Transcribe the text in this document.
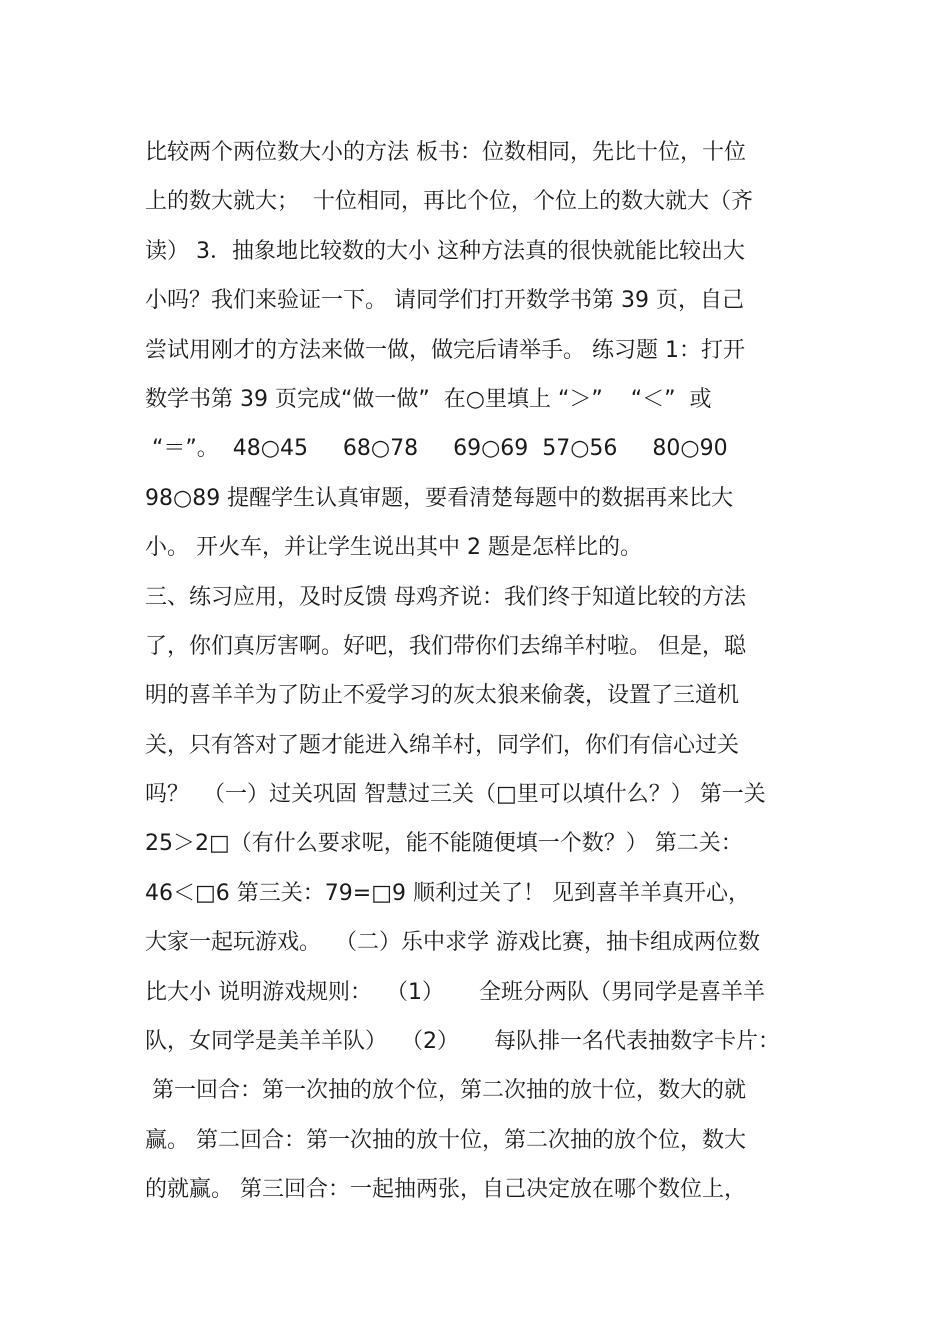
比较两个两位数大小的方法 板书：位数相同，先比十位，十位
上的数大就大；  十位相同，再比个位，个位上的数大就大（齐
读） 3．抽象地比较数的大小 这种方法真的很快就能比较出大
小吗？我们来验证一下。 请同学们打开数学书第 39 页，自己
尝试用刚才的方法来做一做，做完后请举手。 练习题 1：打开
数学书第 39 页完成“做一做”  在○里填上 “＞”    “＜”  或
“＝”。  48○45     68○78     69○69  57○56     80○90
98○89 提醒学生认真审题，要看清楚每题中的数据再来比大
小。 开火车，并让学生说出其中 2 题是怎样比的。
三、练习应用，及时反馈 母鸡齐说：我们终于知道比较的方法
了，你们真厉害啊。好吧，我们带你们去绵羊村啦。 但是，聪
明的喜羊羊为了防止不爱学习的灰太狼来偷袭，设置了三道机
关，只有答对了题才能进入绵羊村，同学们，你们有信心过关
吗？  （一）过关巩固 智慧过三关（□里可以填什么？） 第一关
25＞2□（有什么要求呢，能不能随便填一个数？） 第二关：
46＜□6 第三关：79=□9 顺利过关了！ 见到喜羊羊真开心，
大家一起玩游戏。  （二）乐中求学 游戏比赛，抽卡组成两位数
比大小 说明游戏规则：  （1）     全班分两队（男同学是喜羊羊
队，女同学是美羊羊队）  （2）     每队排一名代表抽数字卡片：
第一回合：第一次抽的放个位，第二次抽的放十位，数大的就
赢。 第二回合：第一次抽的放十位，第二次抽的放个位，数大
的就赢。 第三回合：一起抽两张，自己决定放在哪个数位上，
